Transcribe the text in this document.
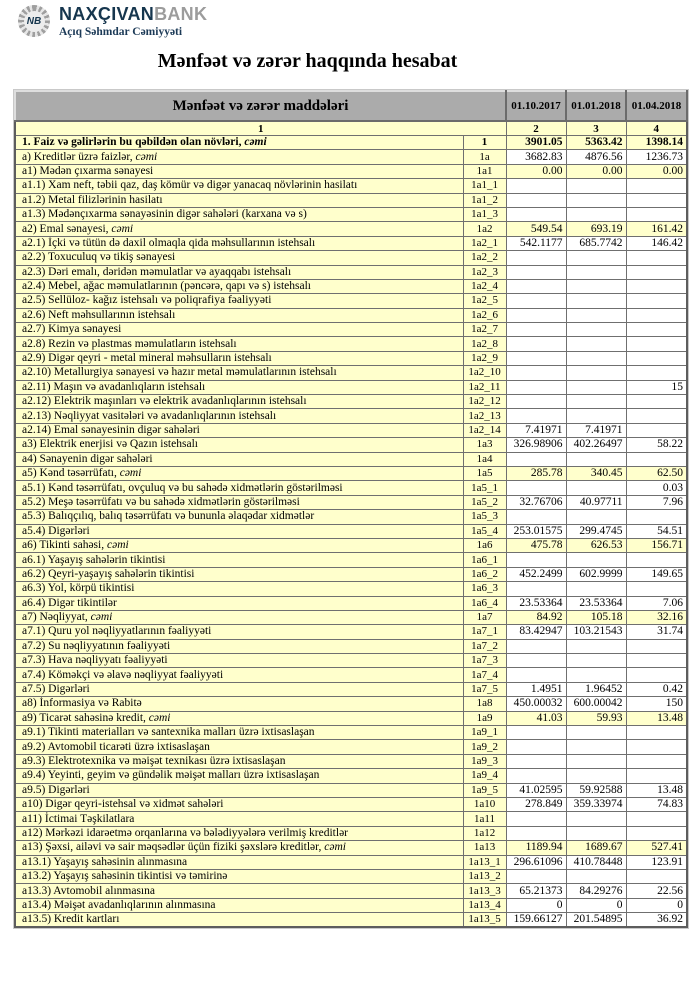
NB NAXÇIVANBANK
Açıq Səhmdar Cəmiyyəti
Mənfəət və zərər haqqında hesabat
Mənfəət və zərər maddələri		01.10.2017	01.01.2018	01.04.2018
1		2	3	4
1. Faiz və gəlirlərin bu qəbildən olan növləri, cəmi	1	3901.05	5363.42	1398.14
a) Kreditlər üzrə faizlər, cəmi	1a	3682.83	4876.56	1236.73
a1) Mədən çıxarma sənayesi	1a1	0.00	0.00	0.00
a1.1) Xam neft, təbii qaz, daş kömür və digər yanacaq növlərinin hasilatı	1a1_1			
a1.2) Metal filizlərinin hasilatı	1a1_2			
a1.3) Mədənçıxarma sənayəsinin digər sahələri (karxana və s)	1a1_3			
a2) Emal sənayesi, cəmi	1a2	549.54	693.19	161.42
a2.1) İçki və tütün də daxil olmaqla qida məhsullarının istehsalı	1a2_1	542.1177	685.7742	146.42
a2.2) Toxuculuq və tikiş sənayesi	1a2_2			
a2.3) Dəri emalı, dəridən məmulatlar və ayaqqabı istehsalı	1a2_3			
a2.4) Mebel, ağac məmulatlarının (pəncərə, qapı və s) istehsalı	1a2_4			
a2.5) Sellüloz- kağız istehsalı və poliqrafiya fəaliyyəti	1a2_5			
a2.6) Neft məhsullarının istehsalı	1a2_6			
a2.7) Kimya sənayesi	1a2_7			
a2.8) Rezin və plastmas məmulatların istehsalı	1a2_8			
a2.9) Digər qeyri - metal mineral məhsulların istehsalı	1a2_9			
a2.10) Metallurgiya sənayesi və hazır metal məmulatlarının istehsalı	1a2_10			
a2.11) Maşın və avadanlıqların istehsalı	1a2_11			15
a2.12) Elektrik maşınları və elektrik avadanlıqlarının istehsalı	1a2_12			
a2.13) Nəqliyyat vasitələri və avadanlıqlarının istehsalı	1a2_13			
a2.14) Emal sənayesinin digər sahələri	1a2_14	7.41971	7.41971	
a3) Elektrik enerjisi və Qazın istehsalı	1a3	326.98906	402.26497	58.22
a4) Sənayenin digər sahələri	1a4			
a5) Kənd təsərrüfatı, cəmi	1a5	285.78	340.45	62.50
a5.1) Kənd təsərrüfatı, ovçuluq və bu sahədə xidmətlərin göstərilməsi	1a5_1			0.03
a5.2) Meşə təsərrüfatı və bu sahədə xidmətlərin göstərilməsi	1a5_2	32.76706	40.97711	7.96
a5.3) Balıqçılıq, balıq təsərrüfatı və bununla əlaqədar xidmətlər	1a5_3			
a5.4) Digərləri	1a5_4	253.01575	299.4745	54.51
a6) Tikinti sahəsi, cəmi	1a6	475.78	626.53	156.71
a6.1) Yaşayış sahələrin tikintisi	1a6_1			
a6.2) Qeyri-yaşayış sahələrin tikintisi	1a6_2	452.2499	602.9999	149.65
a6.3) Yol, körpü tikintisi	1a6_3			
a6.4) Digər tikintilər	1a6_4	23.53364	23.53364	7.06
a7) Nəqliyyat, cəmi	1a7	84.92	105.18	32.16
a7.1) Quru yol nəqliyyatlarının fəaliyyəti	1a7_1	83.42947	103.21543	31.74
a7.2) Su nəqliyyatının fəaliyyəti	1a7_2			
a7.3) Hava nəqliyyatı fəaliyyəti	1a7_3			
a7.4) Köməkçi və əlavə nəqliyyat fəaliyyəti	1a7_4			
a7.5) Digərləri	1a7_5	1.4951	1.96452	0.42
a8) İnformasiya və Rabitə	1a8	450.00032	600.00042	150
a9) Ticarət sahəsinə kredit, cəmi	1a9	41.03	59.93	13.48
a9.1) Tikinti materialları və santexnika malları üzrə ixtisaslaşan	1a9_1			
a9.2) Avtomobil ticarəti üzrə ixtisaslaşan	1a9_2			
a9.3) Elektrotexnika və məişət texnikası üzrə ixtisaslaşan	1a9_3			
a9.4) Yeyinti, geyim və gündəlik məişət malları üzrə ixtisaslaşan	1a9_4			
a9.5) Digərləri	1a9_5	41.02595	59.92588	13.48
a10) Digər qeyri-istehsal və xidmət sahələri	1a10	278.849	359.33974	74.83
a11) İctimai Təşkilatlara	1a11			
a12) Mərkəzi idarəetmə orqanlarına və bələdiyyələrə verilmiş kreditlər	1a12			
a13) Şəxsi, ailəvi və sair məqsədlər üçün fiziki şəxslərə kreditlər, cəmi	1a13	1189.94	1689.67	527.41
a13.1) Yaşayış sahəsinin alınmasına	1a13_1	296.61096	410.78448	123.91
a13.2) Yaşayış sahəsinin tikintisi və təmirinə	1a13_2			
a13.3) Avtomobil alınmasına	1a13_3	65.21373	84.29276	22.56
a13.4) Məişət avadanlıqlarının alınmasına	1a13_4	0	0	0
a13.5) Kredit kartları	1a13_5	159.66127	201.54895	36.92
